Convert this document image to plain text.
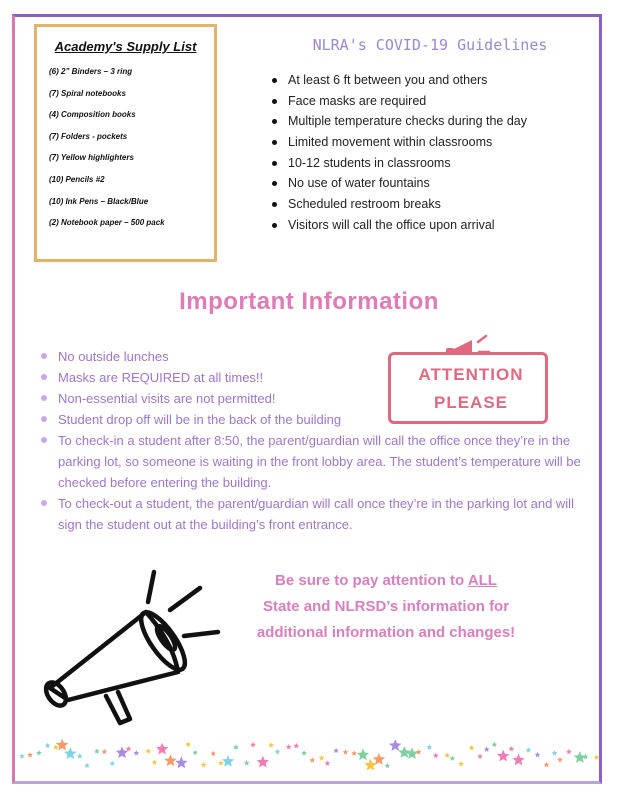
Academy's Supply List
(6) 2” Binders – 3 ring
(7) Spiral notebooks
(4) Composition books
(7) Folders - pockets
(7) Yellow highlighters
(10) Pencils #2
(10) Ink Pens – Black/Blue
(2) Notebook paper – 500 pack
NLRA's COVID-19 Guidelines
At least 6 ft between you and others
Face masks are required
Multiple temperature checks during the day
Limited movement within classrooms
10-12 students in classrooms
No use of water fountains
Scheduled restroom breaks
Visitors will call the office upon arrival
Important Information
ATTENTION
PLEASE
No outside lunches
Masks are REQUIRED at all times!!
Non-essential visits are not permitted!
Student drop off will be in the back of the building
To check-in a student after 8:50, the parent/guardian will call the office once they’re in the parking lot, so someone is waiting in the front lobby area. The student’s temperature will be checked before entering the building.
To check-out a student, the parent/guardian will call once they’re in the parking lot and will sign the student out at the building’s front entrance.
Be sure to pay attention to ALL
State and NLRSD’s information for additional information and changes!
